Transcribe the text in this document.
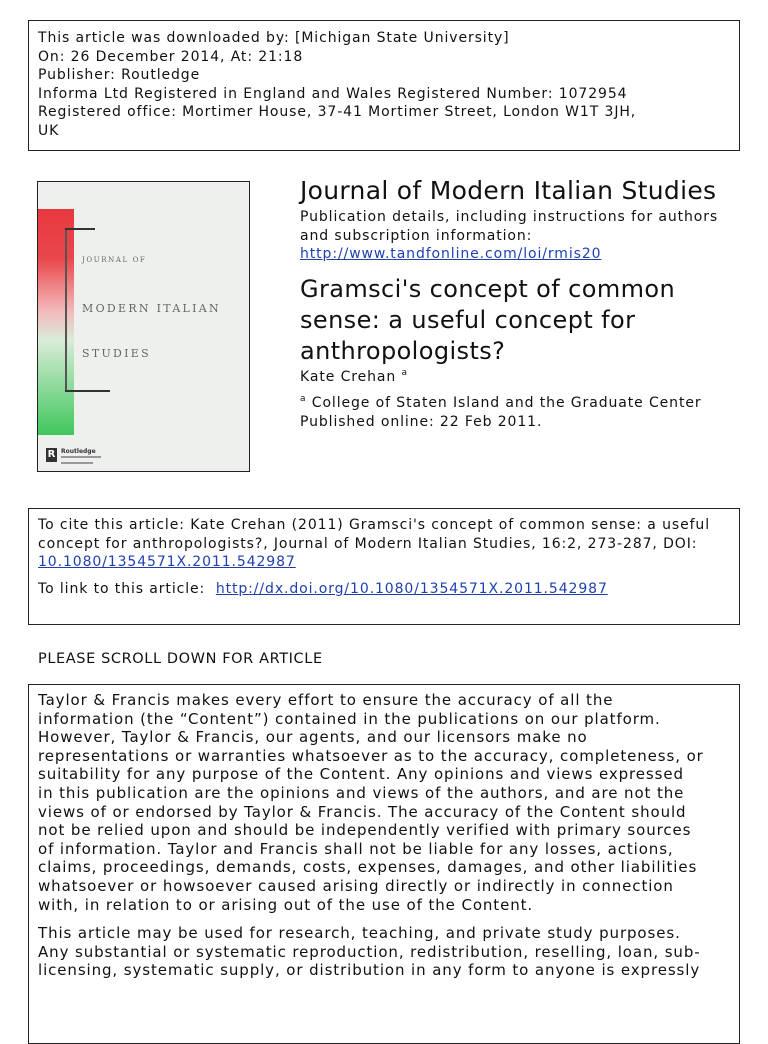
This article was downloaded by: [Michigan State University]
On: 26 December 2014, At: 21:18
Publisher: Routledge
Informa Ltd Registered in England and Wales Registered Number: 1072954
Registered office: Mortimer House, 37-41 Mortimer Street, London W1T 3JH,
UK
JOURNAL OF
MODERN ITALIAN
STUDIES
R Routledge
Journal of Modern Italian Studies
Publication details, including instructions for authors
and subscription information:
http://www.tandfonline.com/loi/rmis20
Gramsci's concept of common
sense: a useful concept for
anthropologists?
Kate Crehan $^a$
$^a$ College of Staten Island and the Graduate Center
Published online: 22 Feb 2011.
To cite this article: Kate Crehan (2011) Gramsci's concept of common sense: a useful
concept for anthropologists?, Journal of Modern Italian Studies, 16:2, 273-287, DOI:
10.1080/1354571X.2011.542987
To link to this article: http://dx.doi.org/10.1080/1354571X.2011.542987
PLEASE SCROLL DOWN FOR ARTICLE
Taylor & Francis makes every effort to ensure the accuracy of all the
information (the “Content”) contained in the publications on our platform.
However, Taylor & Francis, our agents, and our licensors make no
representations or warranties whatsoever as to the accuracy, completeness, or
suitability for any purpose of the Content. Any opinions and views expressed
in this publication are the opinions and views of the authors, and are not the
views of or endorsed by Taylor & Francis. The accuracy of the Content should
not be relied upon and should be independently verified with primary sources
of information. Taylor and Francis shall not be liable for any losses, actions,
claims, proceedings, demands, costs, expenses, damages, and other liabilities
whatsoever or howsoever caused arising directly or indirectly in connection
with, in relation to or arising out of the use of the Content.
This article may be used for research, teaching, and private study purposes.
Any substantial or systematic reproduction, redistribution, reselling, loan, sub-
licensing, systematic supply, or distribution in any form to anyone is expressly
